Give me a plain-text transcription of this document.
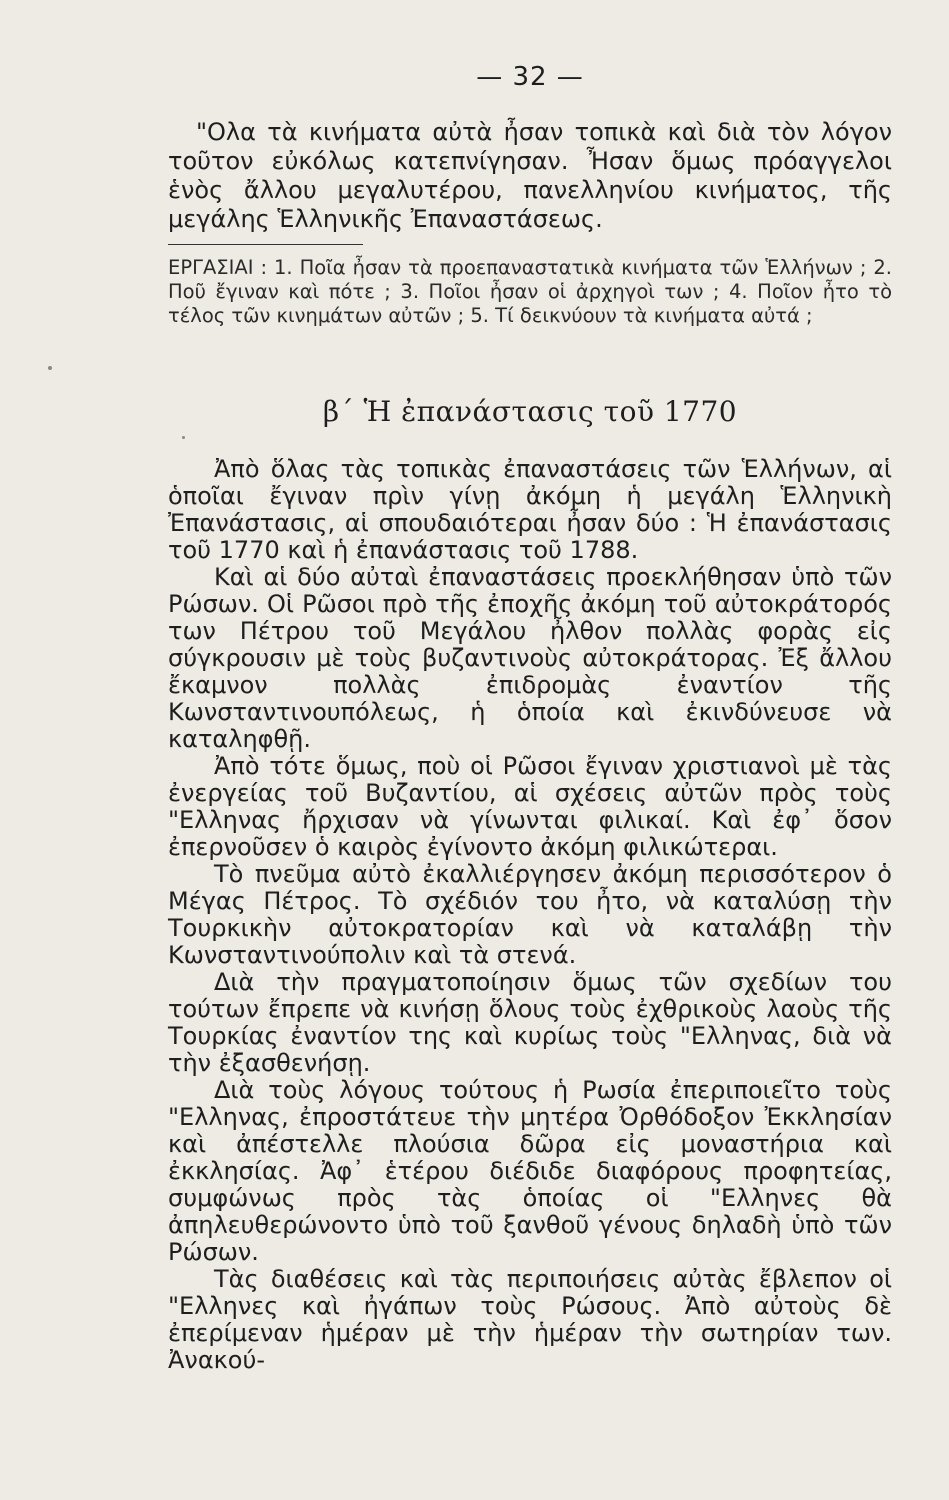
— 32 —

"Ολα τὰ κινήματα αὐτὰ ἦσαν τοπικὰ καὶ διὰ τὸν λόγον τοῦτον εὐκόλως κατεπνίγησαν. Ἦσαν ὅμως πρόαγγελοι ἑνὸς ἄλλου μεγαλυτέρου, πανελληνίου κινήματος, τῆς μεγάλης Ἑλληνικῆς Ἐπαναστάσεως.

ΕΡΓΑΣΙΑΙ : 1. Ποῖα ἦσαν τὰ προεπαναστατικὰ κινήματα τῶν Ἑλλήνων ; 2. Ποῦ ἔγιναν καὶ πότε ; 3. Ποῖοι ἦσαν οἱ ἀρχηγοὶ των ; 4. Ποῖον ἦτο τὸ τέλος τῶν κινημάτων αὐτῶν ; 5. Τί δεικνύουν τὰ κινήματα αὐτά ;

β΄ Ἡ ἐπανάστασις τοῦ 1770

Ἀπὸ ὅλας τὰς τοπικὰς ἐπαναστάσεις τῶν Ἑλλήνων, αἱ ὁποῖαι ἔγιναν πρὶν γίνῃ ἀκόμη ἡ μεγάλη Ἑλληνικὴ Ἐπανάστασις, αἱ σπουδαιότεραι ἦσαν δύο : Ἡ ἐπανάστασις τοῦ 1770 καὶ ἡ ἐπανάστασις τοῦ 1788.

Καὶ αἱ δύο αὐταὶ ἐπαναστάσεις προεκλήθησαν ὑπὸ τῶν Ρώσων. Οἱ Ρῶσοι πρὸ τῆς ἐποχῆς ἀκόμη τοῦ αὐτοκράτορός των Πέτρου τοῦ Μεγάλου ἦλθον πολλὰς φορὰς εἰς σύγκρουσιν μὲ τοὺς βυζαντινοὺς αὐτοκράτορας. Ἐξ ἄλλου ἔκαμνον πολλὰς ἐπιδρομὰς ἐναντίον τῆς Κωνσταντινουπόλεως, ἡ ὁποία καὶ ἐκινδύνευσε νὰ καταληφθῇ.

Ἀπὸ τότε ὅμως, ποὺ οἱ Ρῶσοι ἔγιναν χριστιανοὶ μὲ τὰς ἐνεργείας τοῦ Βυζαντίου, αἱ σχέσεις αὐτῶν πρὸς τοὺς "Ελληνας ἤρχισαν νὰ γίνωνται φιλικαί. Καὶ ἐφ᾽ ὅσον ἐπερνοῦσεν ὁ καιρὸς ἐγίνοντο ἀκόμη φιλικώτεραι.

Τὸ πνεῦμα αὐτὸ ἐκαλλιέργησεν ἀκόμη περισσότερον ὁ Μέγας Πέτρος. Τὸ σχέδιόν του ἦτο, νὰ καταλύσῃ τὴν Τουρκικὴν αὐτοκρατορίαν καὶ νὰ καταλάβῃ τὴν Κωνσταντινούπολιν καὶ τὰ στενά.

Διὰ τὴν πραγματοποίησιν ὅμως τῶν σχεδίων του τούτων ἔπρεπε νὰ κινήσῃ ὅλους τοὺς ἐχθρικοὺς λαοὺς τῆς Τουρκίας ἐναντίον της καὶ κυρίως τοὺς "Ελληνας, διὰ νὰ τὴν ἐξασθενήσῃ.

Διὰ τοὺς λόγους τούτους ἡ Ρωσία ἐπεριποιεῖτο τοὺς "Ελληνας, ἐπροστάτευε τὴν μητέρα Ὀρθόδοξον Ἐκκλησίαν καὶ ἀπέστελλε πλούσια δῶρα εἰς μοναστήρια καὶ ἐκκλησίας. Ἀφ᾽ ἑτέρου διέδιδε διαφόρους προφητείας, συμφώνως πρὸς τὰς ὁποίας οἱ "Ελληνες θὰ ἀπηλευθερώνοντο ὑπὸ τοῦ ξανθοῦ γένους δηλαδὴ ὑπὸ τῶν Ρώσων.

Τὰς διαθέσεις καὶ τὰς περιποιήσεις αὐτὰς ἔβλεπον οἱ "Ελληνες καὶ ἠγάπων τοὺς Ρώσους. Ἀπὸ αὐτοὺς δὲ ἐπερίμεναν ἡμέραν μὲ τὴν ἡμέραν τὴν σωτηρίαν των. Ἀνακού-
